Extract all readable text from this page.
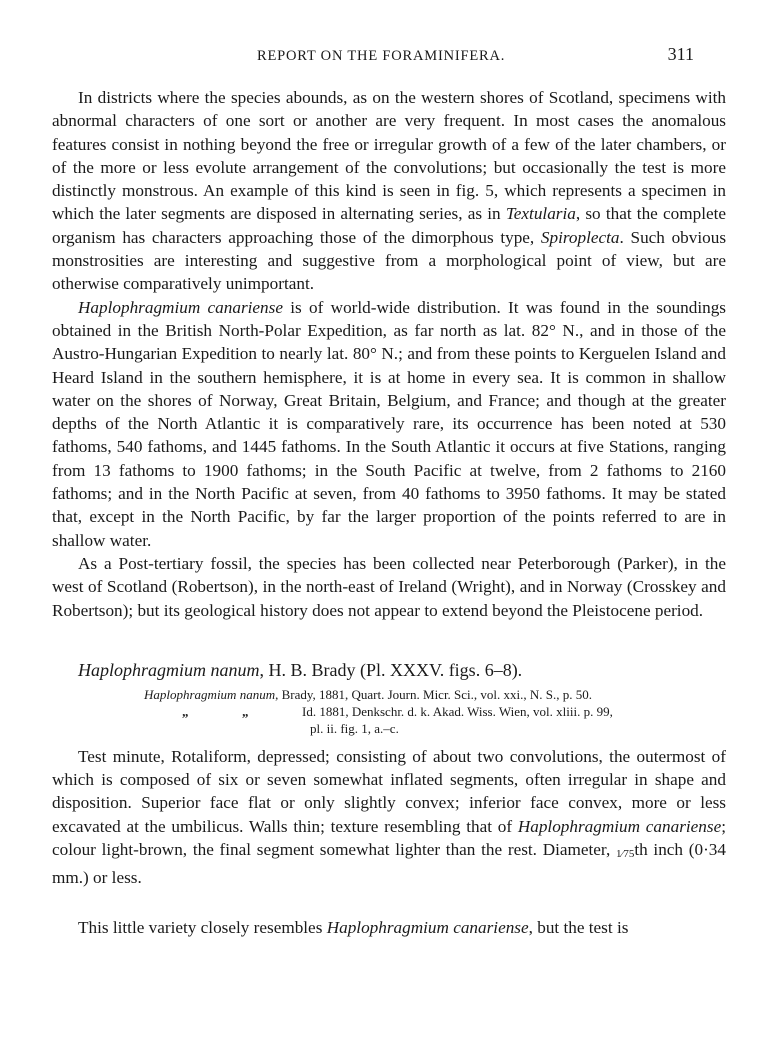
REPORT ON THE FORAMINIFERA.	311

In districts where the species abounds, as on the western shores of Scotland, specimens with abnormal characters of one sort or another are very frequent. In most cases the anomalous features consist in nothing beyond the free or irregular growth of a few of the later chambers, or of the more or less evolute arrangement of the convolutions; but occasionally the test is more distinctly monstrous. An example of this kind is seen in fig. 5, which represents a specimen in which the later segments are disposed in alternating series, as in Textularia, so that the complete organism has characters approaching those of the dimorphous type, Spiroplecta. Such obvious monstrosities are interesting and suggestive from a morphological point of view, but are otherwise comparatively unimportant.

Haplophragmium canariense is of world-wide distribution. It was found in the soundings obtained in the British North-Polar Expedition, as far north as lat. 82° N., and in those of the Austro-Hungarian Expedition to nearly lat. 80° N.; and from these points to Kerguelen Island and Heard Island in the southern hemisphere, it is at home in every sea. It is common in shallow water on the shores of Norway, Great Britain, Belgium, and France; and though at the greater depths of the North Atlantic it is comparatively rare, its occurrence has been noted at 530 fathoms, 540 fathoms, and 1445 fathoms. In the South Atlantic it occurs at five Stations, ranging from 13 fathoms to 1900 fathoms; in the South Pacific at twelve, from 2 fathoms to 2160 fathoms; and in the North Pacific at seven, from 40 fathoms to 3950 fathoms. It may be stated that, except in the North Pacific, by far the larger proportion of the points referred to are in shallow water.

As a Post-tertiary fossil, the species has been collected near Peterborough (Parker), in the west of Scotland (Robertson), in the north-east of Ireland (Wright), and in Norway (Crosskey and Robertson); but its geological history does not appear to extend beyond the Pleistocene period.

Haplophragmium nanum, H. B. Brady (Pl. XXXV. figs. 6–8).

Haplophragmium nanum, Brady, 1881, Quart. Journ. Micr. Sci., vol. xxi., N. S., p. 50.
„	„	Id. 1881, Denkschr. d. k. Akad. Wiss. Wien, vol. xliii. p. 99,
pl. ii. fig. 1, a.–c.

Test minute, Rotaliform, depressed; consisting of about two convolutions, the outermost of which is composed of six or seven somewhat inflated segments, often irregular in shape and disposition. Superior face flat or only slightly convex; inferior face convex, more or less excavated at the umbilicus. Walls thin; texture resembling that of Haplophragmium canariense; colour light-brown, the final segment somewhat lighter than the rest. Diameter, 1⁄75th inch (0·34 mm.) or less.

This little variety closely resembles Haplophragmium canariense, but the test is
